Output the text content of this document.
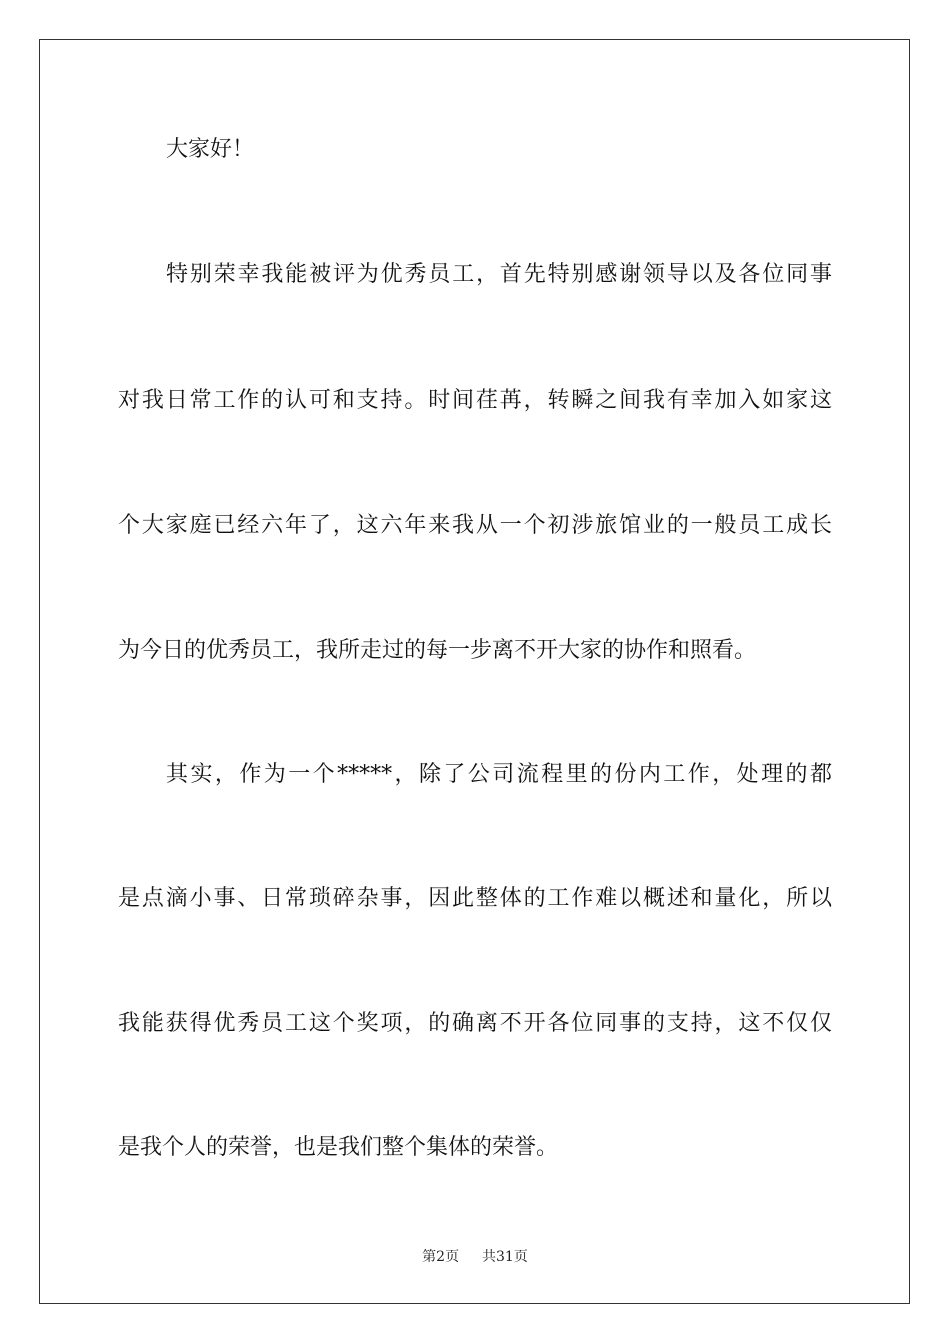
大家好！
特别荣幸我能被评为优秀员工，首先特别感谢领导以及各位同事
对我日常工作的认可和支持。时间荏苒，转瞬之间我有幸加入如家这
个大家庭已经六年了，这六年来我从一个初涉旅馆业的一般员工成长
为今日的优秀员工，我所走过的每一步离不开大家的协作和照看。
其实，作为一个*****，除了公司流程里的份内工作，处理的都
是点滴小事、日常琐碎杂事，因此整体的工作难以概述和量化，所以
我能获得优秀员工这个奖项，的确离不开各位同事的支持，这不仅仅
是我个人的荣誉，也是我们整个集体的荣誉。
第2页 共31页
